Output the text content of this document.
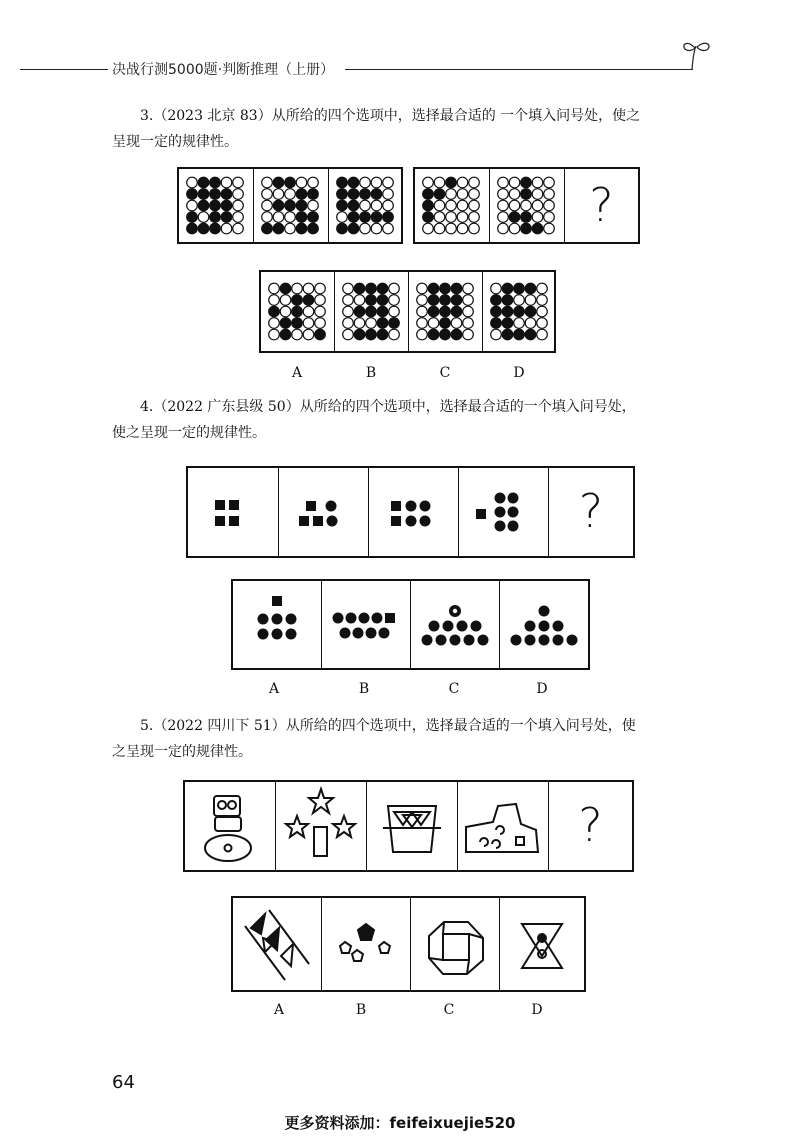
决战行测5000题·判断推理（上册）
3.（2023 北京 83）从所给的四个选项中，选择最合适的 一个填入问号处，使之
呈现一定的规律性。
?
A	B	C	D
4.（2022 广东县级 50）从所给的四个选项中，选择最合适的一个填入问号处，
使之呈现一定的规律性。
?
A	B	C	D
5.（2022 四川下 51）从所给的四个选项中，选择最合适的一个填入问号处，使
之呈现一定的规律性。
?
A	B	C	D
64
更多资料添加：feifeixuejie520
